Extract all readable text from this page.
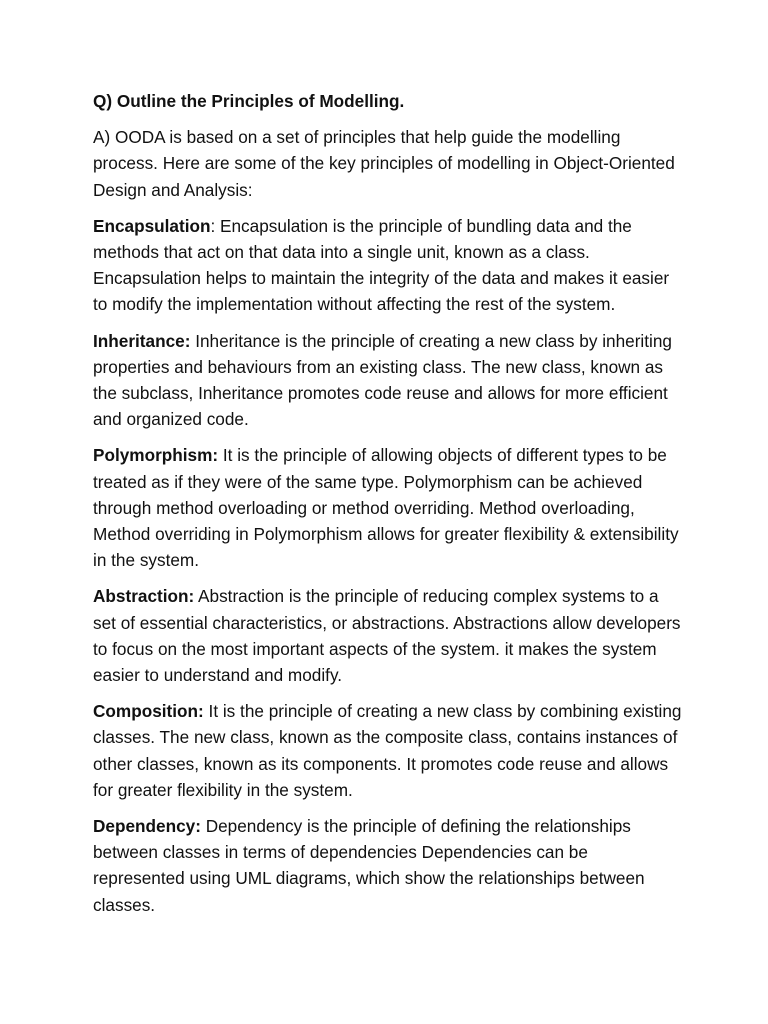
Q) Outline the Principles of Modelling.

A) OODA is based on a set of principles that help guide the modelling process. Here are some of the key principles of modelling in Object-Oriented Design and Analysis:

Encapsulation: Encapsulation is the principle of bundling data and the methods that act on that data into a single unit, known as a class. Encapsulation helps to maintain the integrity of the data and makes it easier to modify the implementation without affecting the rest of the system.

Inheritance: Inheritance is the principle of creating a new class by inheriting properties and behaviours from an existing class. The new class, known as the subclass, Inheritance promotes code reuse and allows for more efficient and organized code.

Polymorphism: It is the principle of allowing objects of different types to be treated as if they were of the same type. Polymorphism can be achieved through method overloading or method overriding. Method overloading, Method overriding in Polymorphism allows for greater flexibility & extensibility in the system.

Abstraction: Abstraction is the principle of reducing complex systems to a set of essential characteristics, or abstractions. Abstractions allow developers to focus on the most important aspects of the system. it makes the system easier to understand and modify.

Composition: It is the principle of creating a new class by combining existing classes. The new class, known as the composite class, contains instances of other classes, known as its components. It promotes code reuse and allows for greater flexibility in the system.

Dependency: Dependency is the principle of defining the relationships between classes in terms of dependencies Dependencies can be represented using UML diagrams, which show the relationships between classes.
